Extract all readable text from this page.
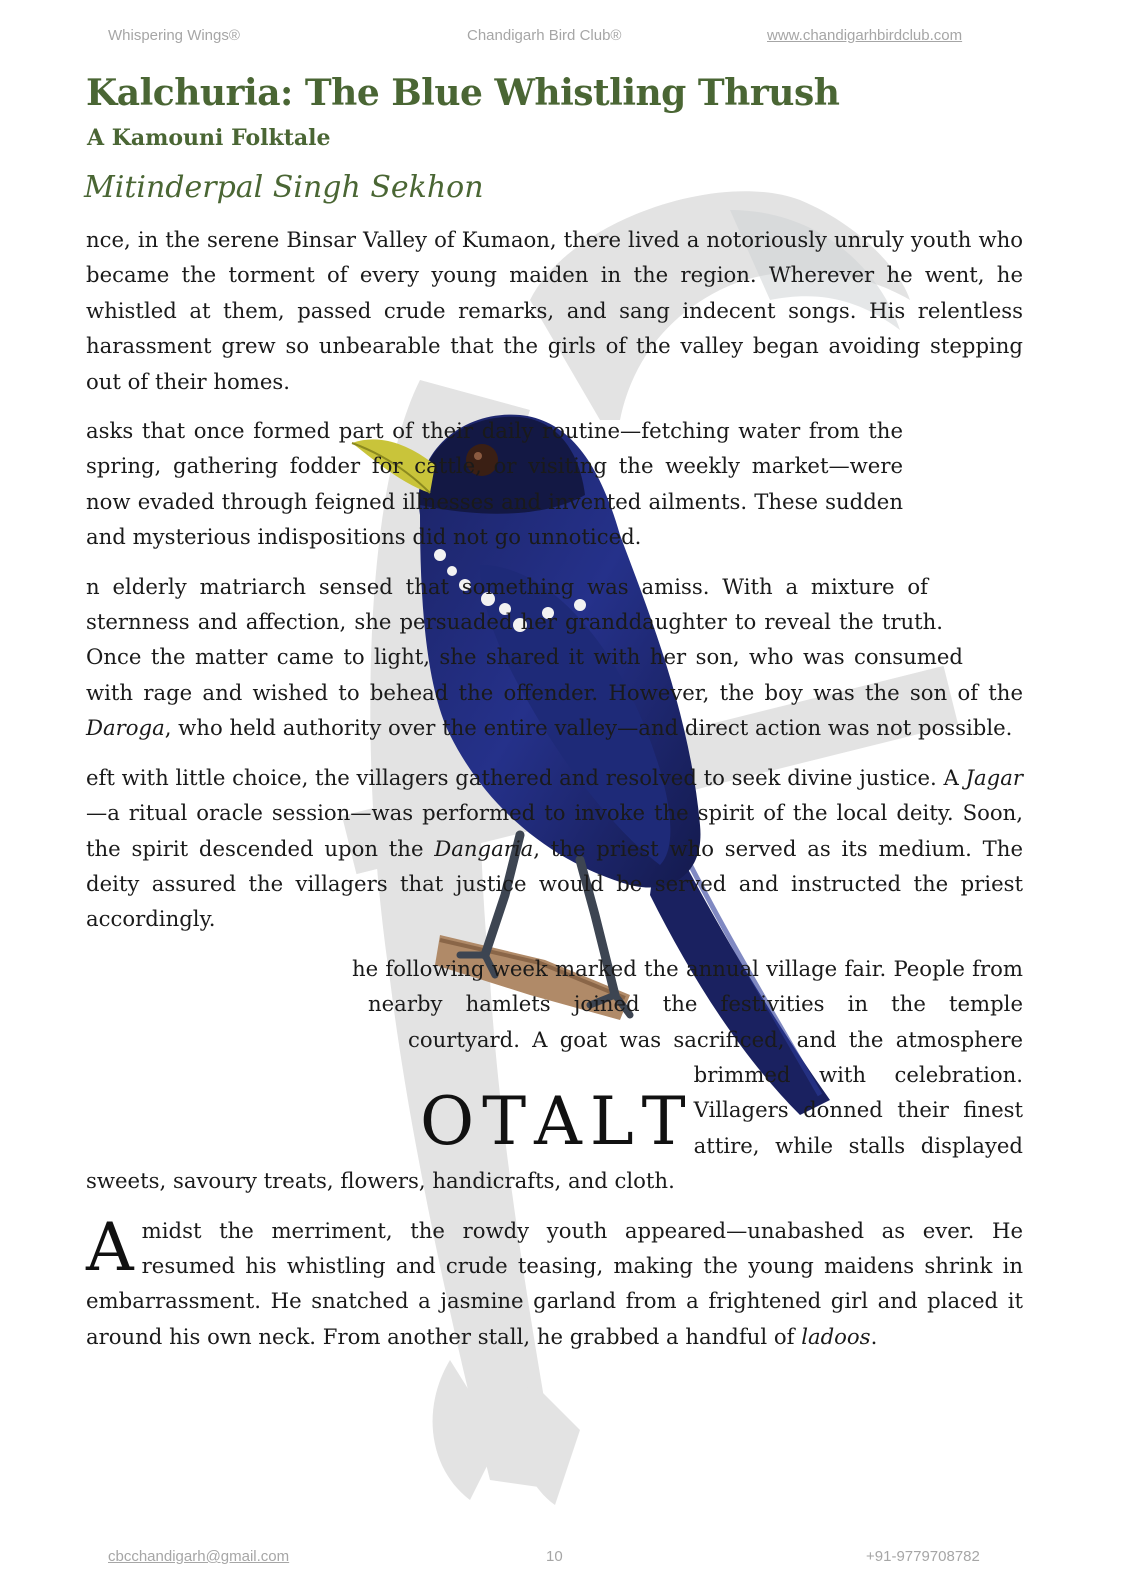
Whispering Wings®	Chandigarh Bird Club®	www.chandigarhbirdclub.com
Kalchuria: The Blue Whistling Thrush
A Kamouni Folktale
Mitinderpal Singh Sekhon

O
nce, in the serene Binsar Valley of Kumaon, there lived a notoriously unruly youth who became the torment of every young maiden in the region. Wherever he went, he whistled at them, passed crude remarks, and sang indecent songs. His relentless harassment grew so unbearable that the girls of the valley began avoiding stepping out of their homes.

T
asks that once formed part of their daily routine—fetching water from the spring, gathering fodder for cattle, or visiting the weekly market—were now evaded through feigned illnesses and invented ailments. These sudden and mysterious indispositions did not go unnoticed.

A
n elderly matriarch sensed that something was amiss. With a mixture of sternness and affection, she persuaded her granddaughter to reveal the truth. Once the matter came to light, she shared it with her son, who was consumed with rage and wished to behead the offender. However, the boy was the son of the Daroga, who held authority over the entire valley—and direct action was not possible.

L
eft with little choice, the villagers gathered and resolved to seek divine justice. A Jagar—a ritual oracle session—was performed to invoke the spirit of the local deity. Soon, the spirit descended upon the Dangaria, the priest who served as its medium. The deity assured the villagers that justice would be served and instructed the priest accordingly.

T
he following week marked the annual village fair. People from nearby hamlets joined the festivities in the temple courtyard. A goat was sacrificed, and the atmosphere brimmed with celebration. Villagers donned their finest attire, while stalls displayed sweets, savoury treats, flowers, handicrafts, and cloth.

Amidst the merriment, the rowdy youth appeared—unabashed as ever. He resumed his whistling and crude teasing, making the young maidens shrink in embarrassment. He snatched a jasmine garland from a frightened girl and placed it around his own neck. From another stall, he grabbed a handful of ladoos.

cbcchandigarh@gmail.com	10	+91-9779708782
